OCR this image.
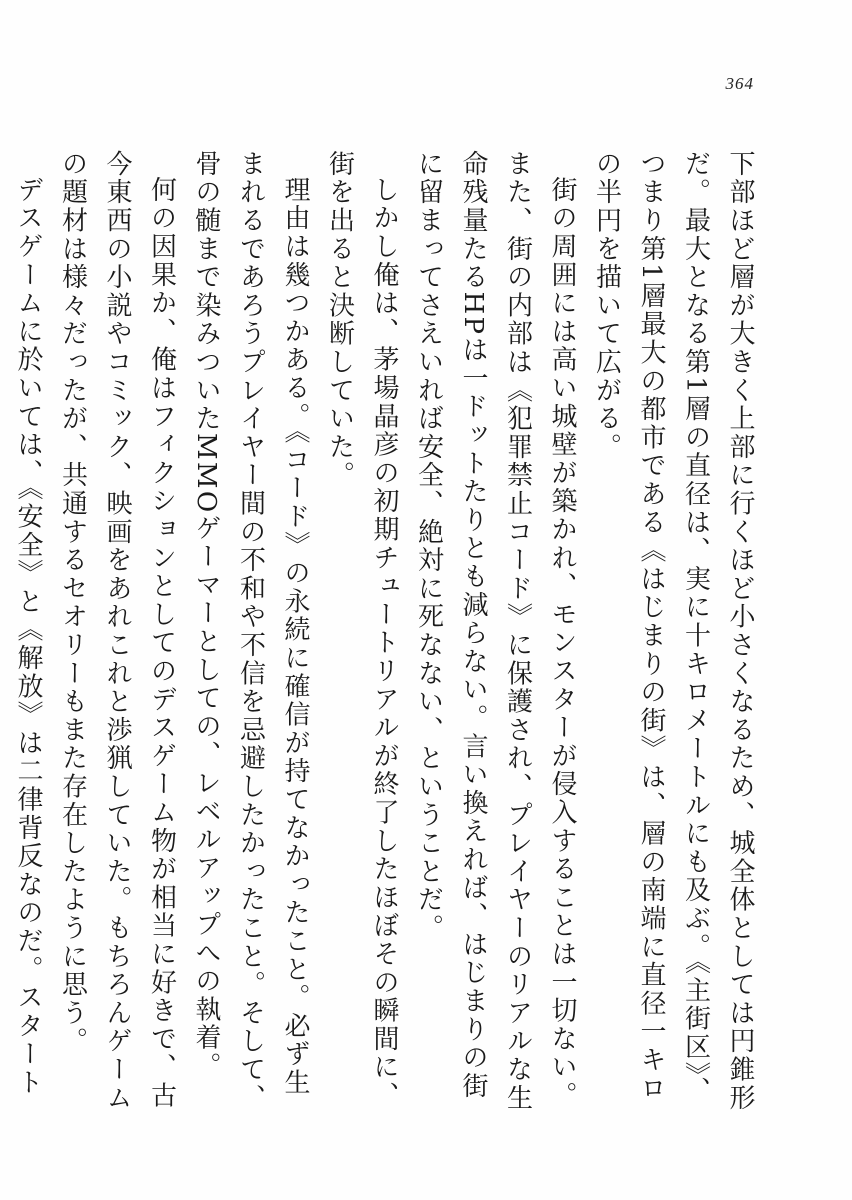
364

下部ほど層が大きく上部に行くほど小さくなるため、城全体としては円錐形だ。最大となる第1層の直径は、実に十キロメートルにも及ぶ。《主街区》、つまり第1層最大の都市である《はじまりの街》は、層の南端に直径一キロの半円を描いて広がる。

街の周囲には高い城壁が築かれ、モンスターが侵入することは一切ない。また、街の内部は《犯罪禁止コード》に保護され、プレイヤーのリアルな生命残量たるHPは一ドットたりとも減らない。言い換えれば、はじまりの街に留まってさえいれば安全、絶対に死なない、ということだ。

しかし俺は、茅場晶彦の初期チュートリアルが終了したほぼその瞬間に、街を出ると決断していた。

理由は幾つかある。《コード》の永続に確信が持てなかったこと。必ず生まれるであろうプレイヤー間の不和や不信を忌避したかったこと。そして、骨の髄まで染みついたMMOゲーマーとしての、レベルアップへの執着。

何の因果か、俺はフィクションとしてのデスゲーム物が相当に好きで、古今東西の小説やコミック、映画をあれこれと渉猟していた。もちろんゲームの題材は様々だったが、共通するセオリーもまた存在したように思う。

デスゲームに於いては、《安全》と《解放》は二律背反なのだ。スタート
